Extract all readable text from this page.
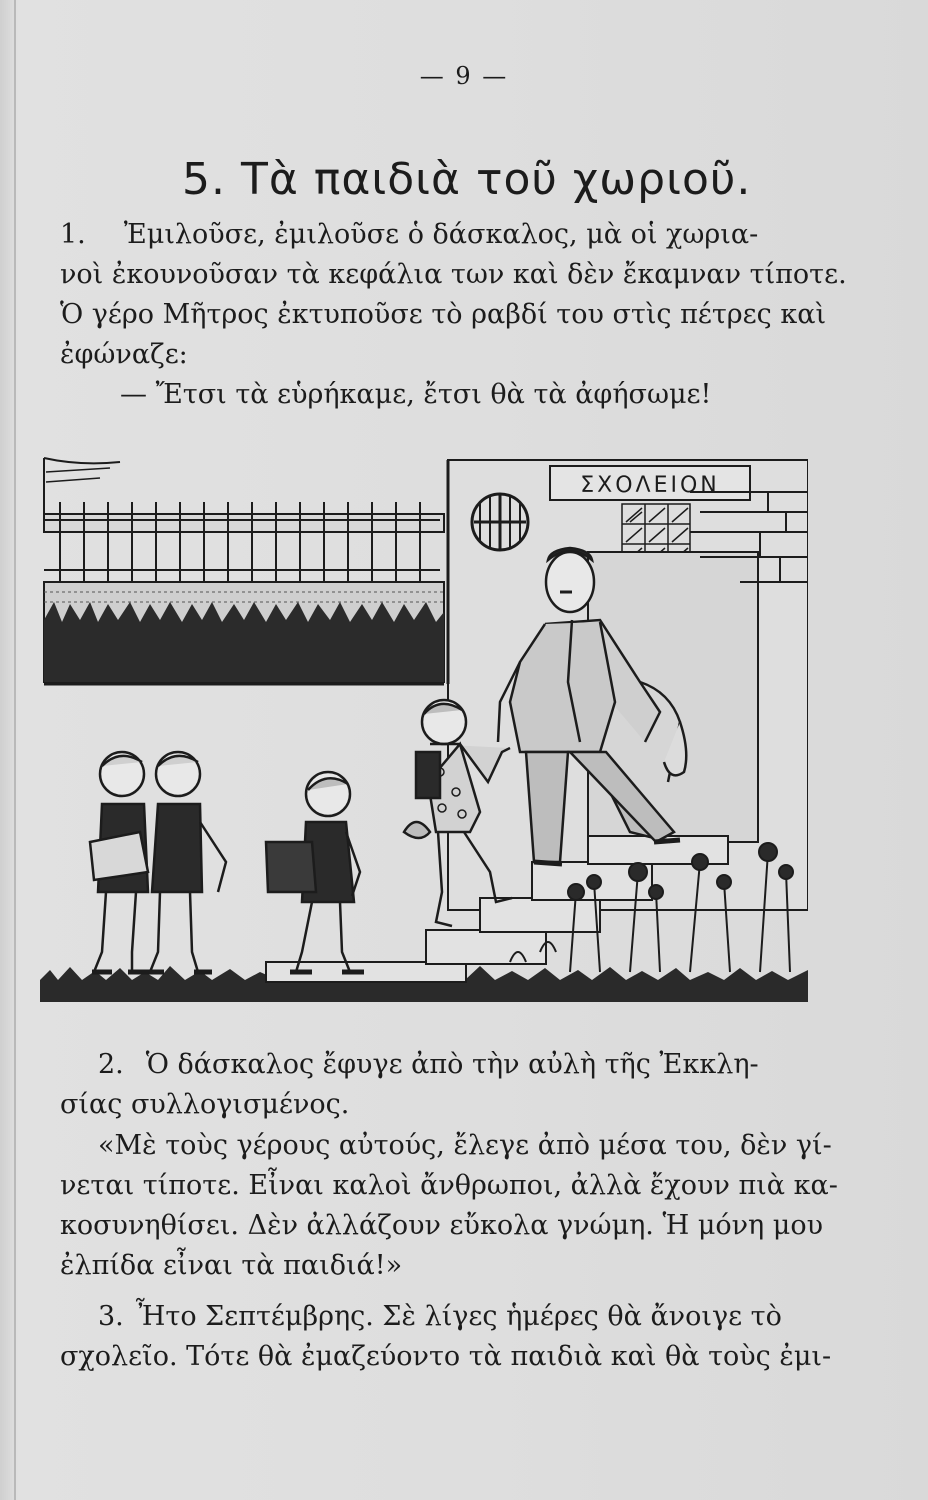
— 9 —
5. Τὰ παιδιὰ τοῦ χωριοῦ.
1. Ἐμιλοῦσε, ἐμιλοῦσε ὁ δάσκαλος, μὰ οἱ χωρια-
νοὶ ἐκουνοῦσαν τὰ κεφάλια των καὶ δὲν ἔκαμναν τίποτε.
Ὁ γέρο Μῆτρος ἐκτυποῦσε τὸ ραβδί του στὶς πέτρες καὶ
ἐφώναζε:
— Ἔτσι τὰ εὑρήκαμε, ἔτσι θὰ τὰ ἀφήσωμε!
ΣΧΟΛΕΙΟΝ
2. Ὁ δάσκαλος ἔφυγε ἀπὸ τὴν αὐλὴ τῆς Ἐκκλη-
σίας συλλογισμένος.
«Μὲ τοὺς γέρους αὐτούς, ἔλεγε ἀπὸ μέσα του, δὲν γί-
νεται τίποτε. Εἶναι καλοὶ ἄνθρωποι, ἀλλὰ ἔχουν πιὰ κα-
κοσυνηθίσει. Δὲν ἀλλάζουν εὔκολα γνώμη. Ἡ μόνη μου
ἐλπίδα εἶναι τὰ παιδιά!»
3. Ἦτο Σεπτέμβρης. Σὲ λίγες ἡμέρες θὰ ἄνοιγε τὸ
σχολεῖο. Τότε θὰ ἐμαζεύοντο τὰ παιδιὰ καὶ θὰ τοὺς ἐμι-
